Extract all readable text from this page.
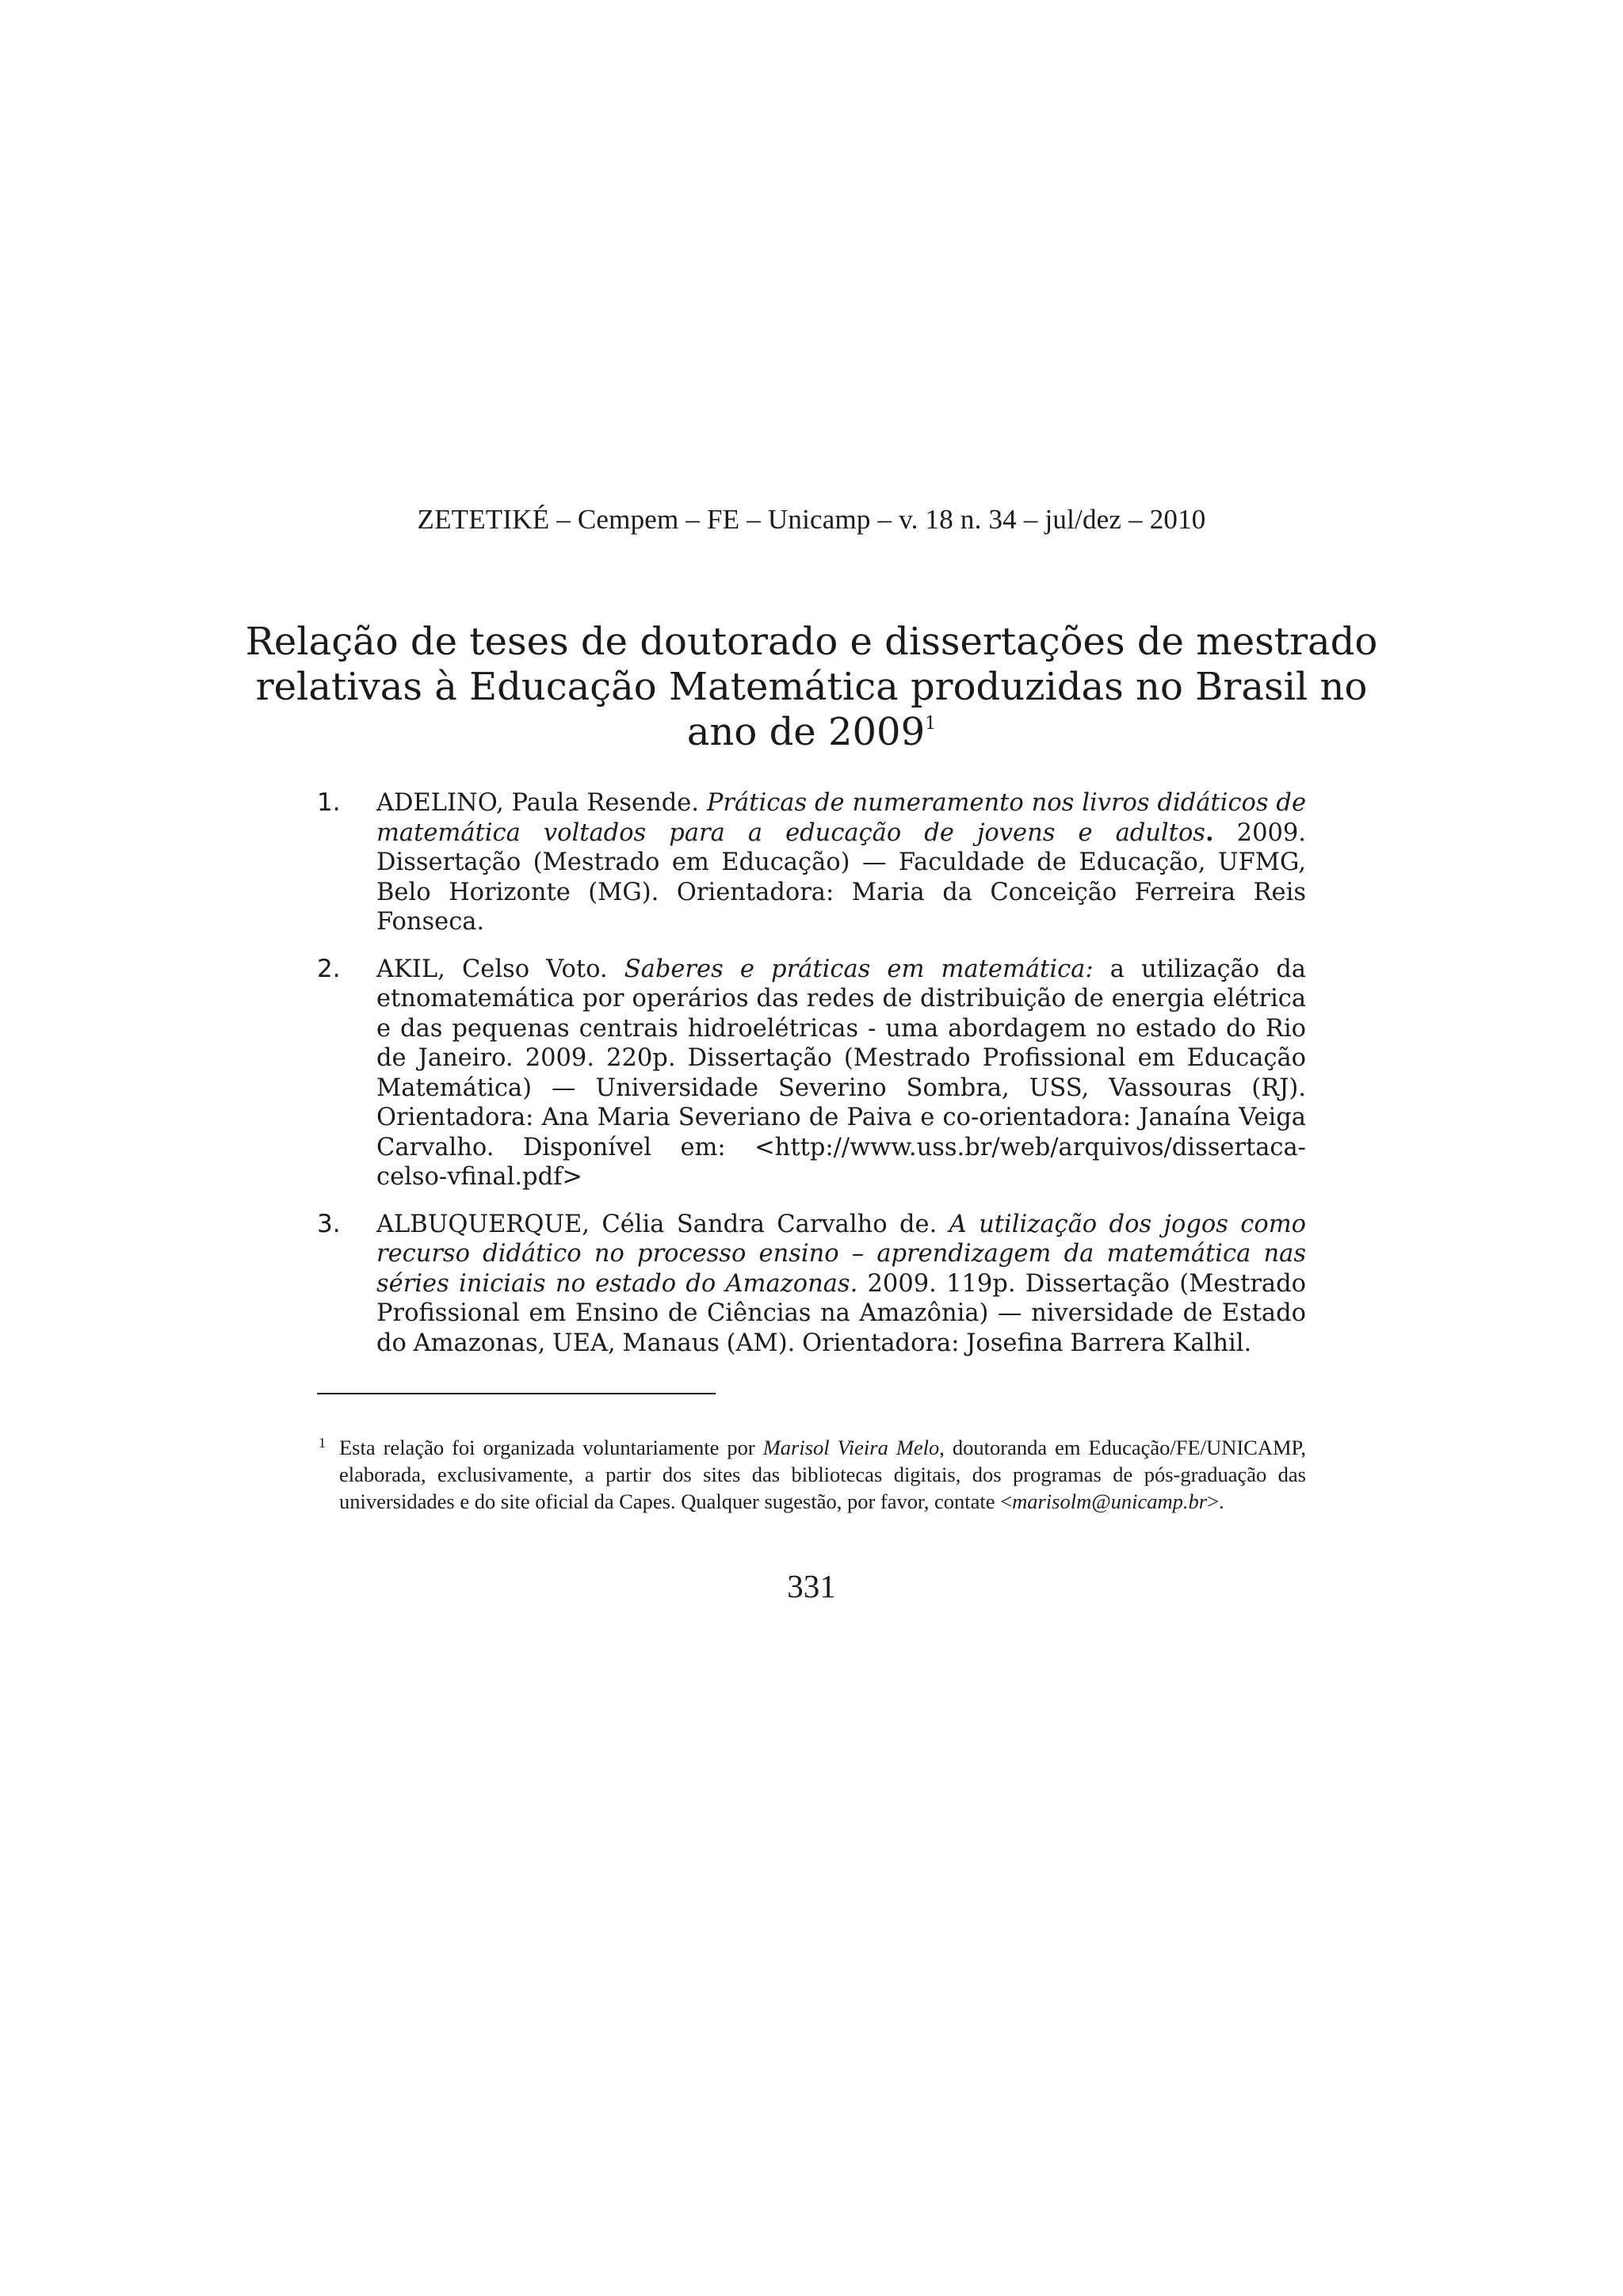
ZETETIKÉ – Cempem – FE – Unicamp – v. 18 n. 34 – jul/dez – 2010
Relação de teses de doutorado e dissertações de mestrado relativas à Educação Matemática produzidas no Brasil no ano de 2009$^1$
1. ADELINO, Paula Resende. Práticas de numeramento nos livros didáticos de matemática voltados para a educação de jovens e adultos. 2009. Dissertação (Mestrado em Educação) — Faculdade de Educação, UFMG, Belo Horizonte (MG). Orientadora: Maria da Conceição Ferreira Reis Fonseca.
2. AKIL, Celso Voto. Saberes e práticas em matemática: a utilização da etnomatemática por operários das redes de distribuição de energia elétrica e das pequenas centrais hidroelétricas - uma abordagem no estado do Rio de Janeiro. 2009. 220p. Dissertação (Mestrado Profissional em Educação Matemática) — Universidade Severino Sombra, USS, Vassouras (RJ). Orientadora: Ana Maria Severiano de Paiva e co-orientadora: Janaína Veiga Carvalho. Disponível em: <http://www.uss.br/web/arquivos/dissertaca-celso-vfinal.pdf>
3. ALBUQUERQUE, Célia Sandra Carvalho de. A utilização dos jogos como recurso didático no processo ensino – aprendizagem da matemática nas séries iniciais no estado do Amazonas. 2009. 119p. Dissertação (Mestrado Profissional em Ensino de Ciências na Amazônia) — niversidade de Estado do Amazonas, UEA, Manaus (AM). Orientadora: Josefina Barrera Kalhil.
1 Esta relação foi organizada voluntariamente por Marisol Vieira Melo, doutoranda em Educação/FE/UNICAMP, elaborada, exclusivamente, a partir dos sites das bibliotecas digitais, dos programas de pós-graduação das universidades e do site oficial da Capes. Qualquer sugestão, por favor, contate <marisolm@unicamp.br>.
331
